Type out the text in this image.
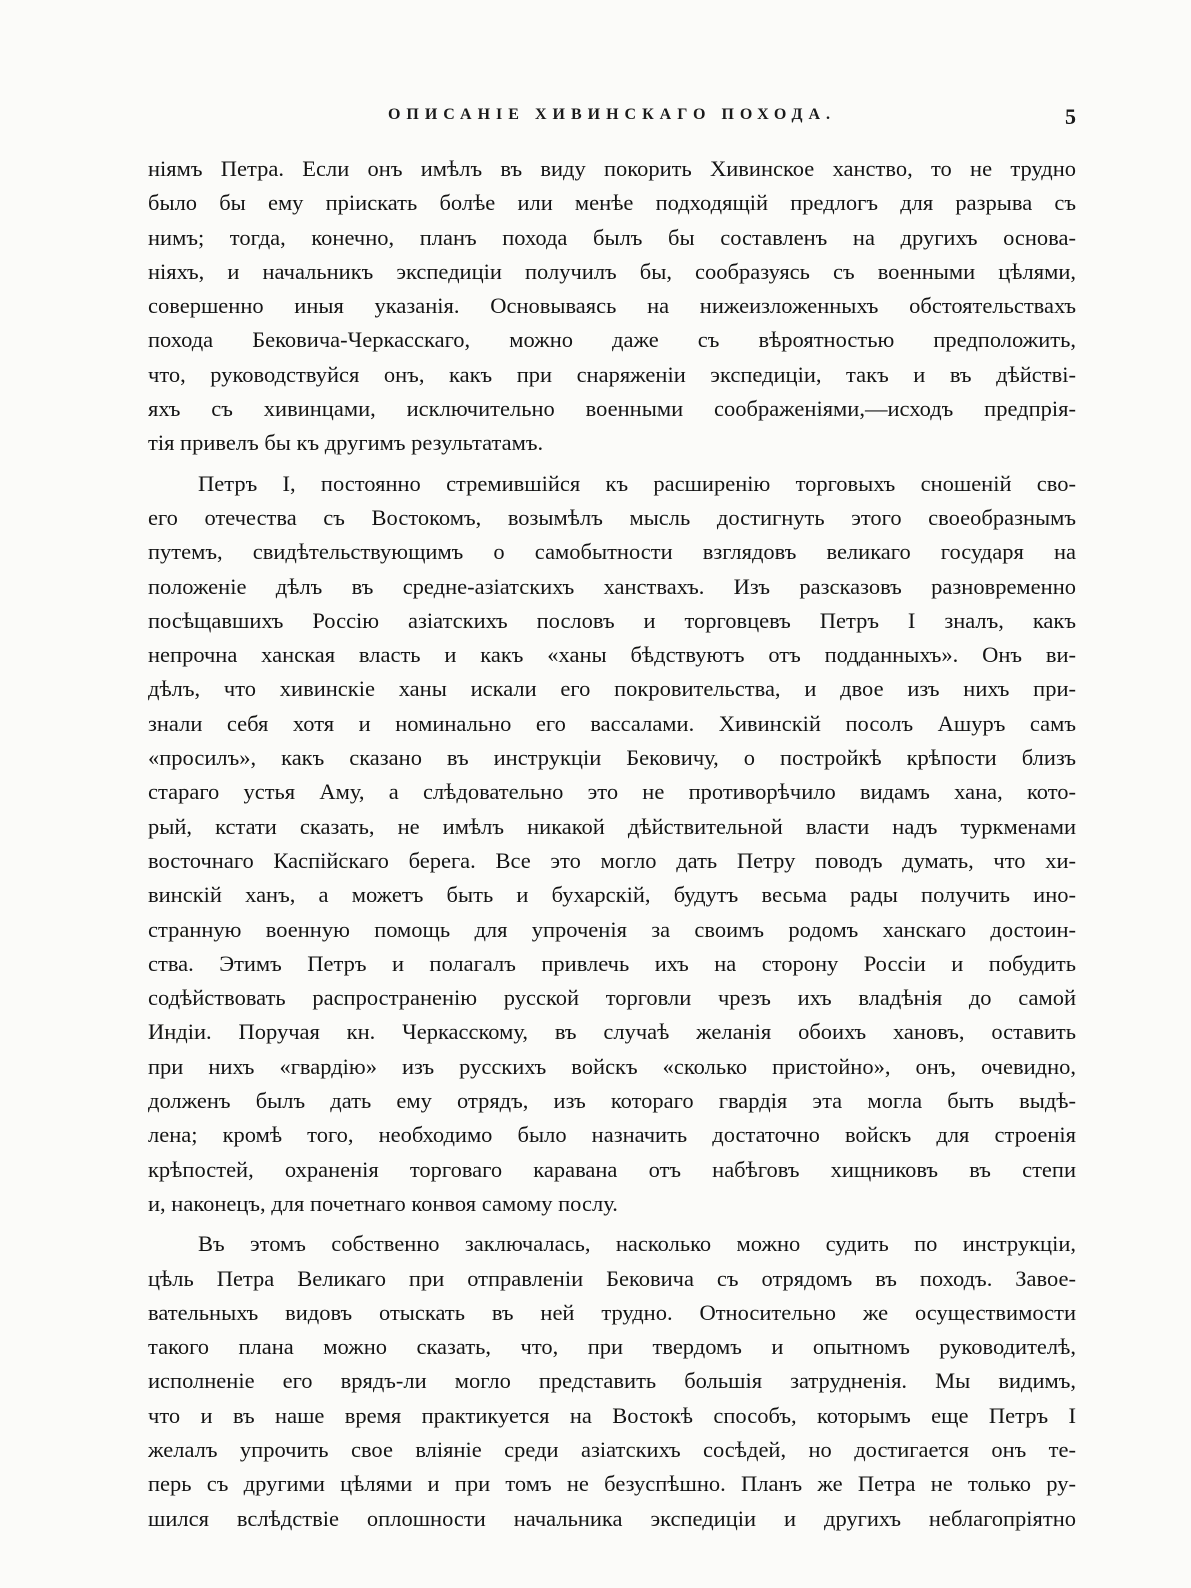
ОПИСАНІЕ ХИВИНСКАГО ПОХОДА.	5
ніямъ Петра. Если онъ имѣлъ въ виду покорить Хивинское ханство, то не трудно
было бы ему пріискать болѣе или менѣе подходящій предлогъ для разрыва съ
нимъ; тогда, конечно, планъ похода былъ бы составленъ на другихъ основа-
ніяхъ, и начальникъ экспедиціи получилъ бы, сообразуясь съ военными цѣлями,
совершенно иныя указанія. Основываясь на нижеизложенныхъ обстоятельствахъ
похода Бековича-Черкасскаго, можно даже съ вѣроятностью предположить,
что, руководствуйся онъ, какъ при снаряженіи экспедиціи, такъ и въ дѣйстві-
яхъ съ хивинцами, исключительно военными соображеніями,—исходъ предпрія-
тія привелъ бы къ другимъ результатамъ.
Петръ I, постоянно стремившійся къ расширенію торговыхъ сношеній сво-
его отечества съ Востокомъ, возымѣлъ мысль достигнуть этого своеобразнымъ
путемъ, свидѣтельствующимъ о самобытности взглядовъ великаго государя на
положеніе дѣлъ въ средне-азіатскихъ ханствахъ. Изъ разсказовъ разновременно
посѣщавшихъ Россію азіатскихъ пословъ и торговцевъ Петръ I зналъ, какъ
непрочна ханская власть и какъ «ханы бѣдствуютъ отъ подданныхъ». Онъ ви-
дѣлъ, что хивинскіе ханы искали его покровительства, и двое изъ нихъ при-
знали себя хотя и номинально его вассалами. Хивинскій посолъ Ашуръ самъ
«просилъ», какъ сказано въ инструкціи Бековичу, о постройкѣ крѣпости близъ
стараго устья Аму, а слѣдовательно это не противорѣчило видамъ хана, кото-
рый, кстати сказать, не имѣлъ никакой дѣйствительной власти надъ туркменами
восточнаго Каспійскаго берега. Все это могло дать Петру поводъ думать, что хи-
винскій ханъ, а можетъ быть и бухарскій, будутъ весьма рады получить ино-
странную военную помощь для упроченія за своимъ родомъ ханскаго достоин-
ства. Этимъ Петръ и полагалъ привлечь ихъ на сторону Россіи и побудить
содѣйствовать распространенію русской торговли чрезъ ихъ владѣнія до самой
Индіи. Поручая кн. Черкасскому, въ случаѣ желанія обоихъ хановъ, оставить
при нихъ «гвардію» изъ русскихъ войскъ «сколько пристойно», онъ, очевидно,
долженъ былъ дать ему отрядъ, изъ котораго гвардія эта могла быть выдѣ-
лена; кромѣ того, необходимо было назначить достаточно войскъ для строенія
крѣпостей, охраненія торговаго каравана отъ набѣговъ хищниковъ въ степи
и, наконецъ, для почетнаго конвоя самому послу.
Въ этомъ собственно заключалась, насколько можно судить по инструкціи,
цѣль Петра Великаго при отправленіи Бековича съ отрядомъ въ походъ. Завое-
вательныхъ видовъ отыскать въ ней трудно. Относительно же осуществимости
такого плана можно сказать, что, при твердомъ и опытномъ руководителѣ,
исполненіе его врядъ-ли могло представить большія затрудненія. Мы видимъ,
что и въ наше время практикуется на Востокѣ способъ, которымъ еще Петръ I
желалъ упрочить свое вліяніе среди азіатскихъ сосѣдей, но достигается онъ те-
перь съ другими цѣлями и при томъ не безуспѣшно. Планъ же Петра не только ру-
шился вслѣдствіе оплошности начальника экспедиціи и другихъ неблагопріятно
